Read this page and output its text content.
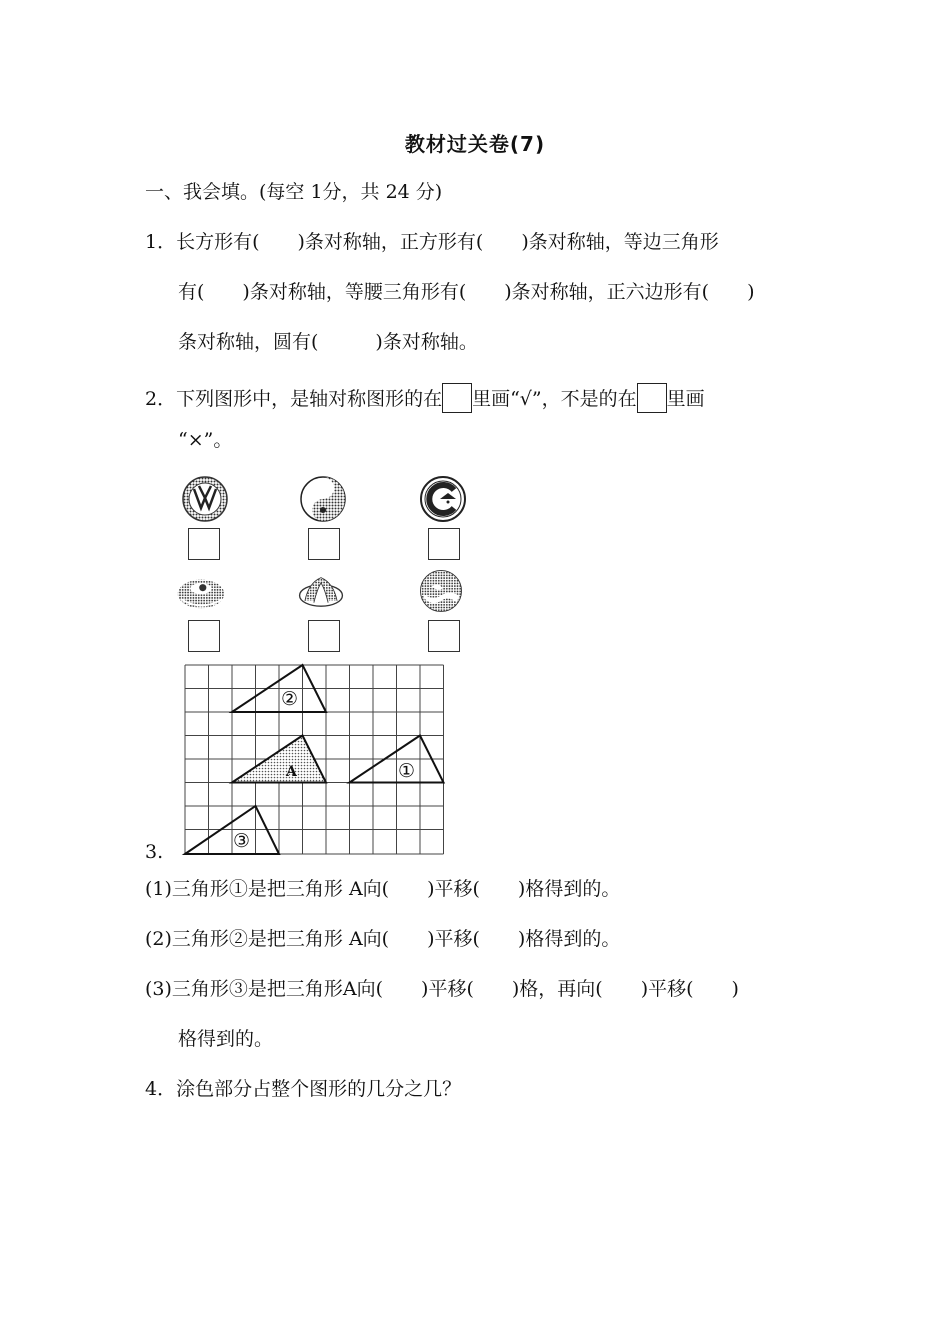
教材过关卷(7)
一、我会填。(每空 1分，共 24 分)
1．长方形有(　　)条对称轴，正方形有(　　)条对称轴，等边三角形
有(　　)条对称轴，等腰三角形有(　　)条对称轴，正六边形有(　　)
条对称轴，圆有(　　　)条对称轴。
2．下列图形中，是轴对称图形的在 里画“√”，不是的在 里画
“×”。
②
A	①
③
3.
(1)三角形①是把三角形 A向(　　)平移(　　)格得到的。
(2)三角形②是把三角形 A向(　　)平移(　　)格得到的。
(3)三角形③是把三角形A向(　　)平移(　　)格，再向(　　)平移(　　)
格得到的。
4．涂色部分占整个图形的几分之几？
